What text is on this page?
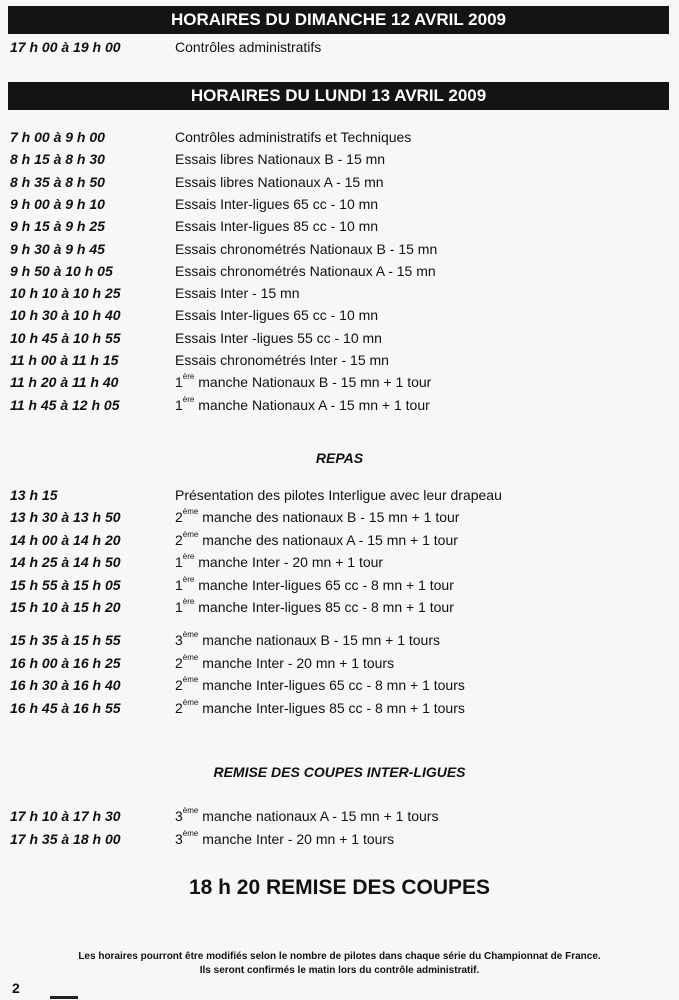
HORAIRES DU DIMANCHE 12 AVRIL 2009
17 h 00 à 19 h 00	Contrôles administratifs
HORAIRES DU LUNDI 13 AVRIL 2009
7 h 00 à 9 h 00	Contrôles administratifs et Techniques
8 h 15 à 8 h 30	Essais libres Nationaux B - 15 mn
8 h 35 à 8 h 50	Essais libres Nationaux A - 15 mn
9 h 00 à 9 h 10	Essais Inter-ligues 65 cc - 10 mn
9 h 15 à 9 h 25	Essais Inter-ligues 85 cc - 10 mn
9 h 30 à 9 h 45	Essais chronométrés Nationaux B - 15 mn
9 h 50 à 10 h 05	Essais chronométrés Nationaux A - 15 mn
10 h 10 à 10 h 25	Essais Inter - 15 mn
10 h 30 à 10 h 40	Essais Inter-ligues 65 cc - 10 mn
10 h 45 à 10 h 55	Essais Inter -ligues 55 cc - 10 mn
11 h 00 à 11 h 15	Essais chronométrés Inter - 15 mn
11 h 20 à 11 h 40	1ère manche Nationaux B - 15 mn + 1 tour
11 h 45 à 12 h 05	1ère manche Nationaux A - 15 mn + 1 tour
REPAS
13 h 15	Présentation des pilotes Interligue avec leur drapeau
13 h 30 à 13 h 50	2ème manche des nationaux B - 15 mn + 1 tour
14 h 00 à 14 h 20	2ème manche des nationaux A - 15 mn + 1 tour
14 h 25 à 14 h 50	1ère manche Inter - 20 mn + 1 tour
15 h 55 à 15 h 05	1ère manche Inter-ligues 65 cc - 8 mn + 1 tour
15 h 10 à 15 h 20	1ère manche Inter-ligues 85 cc - 8 mn + 1 tour
15 h 35 à 15 h 55	3ème manche nationaux B - 15 mn + 1 tours
16 h 00 à 16 h 25	2ème manche Inter - 20 mn + 1 tours
16 h 30 à 16 h 40	2ème manche Inter-ligues 65 cc - 8 mn + 1 tours
16 h 45 à 16 h 55	2ème manche Inter-ligues 85 cc - 8 mn + 1 tours
REMISE DES COUPES INTER-LIGUES
17 h 10 à 17 h 30	3ème manche nationaux A - 15 mn + 1 tours
17 h 35 à 18 h 00	3ème manche Inter - 20 mn + 1 tours
18 h 20 REMISE DES COUPES
Les horaires pourront être modifiés selon le nombre de pilotes dans chaque série du Championnat de France.
Ils seront confirmés le matin lors du contrôle administratif.
2
